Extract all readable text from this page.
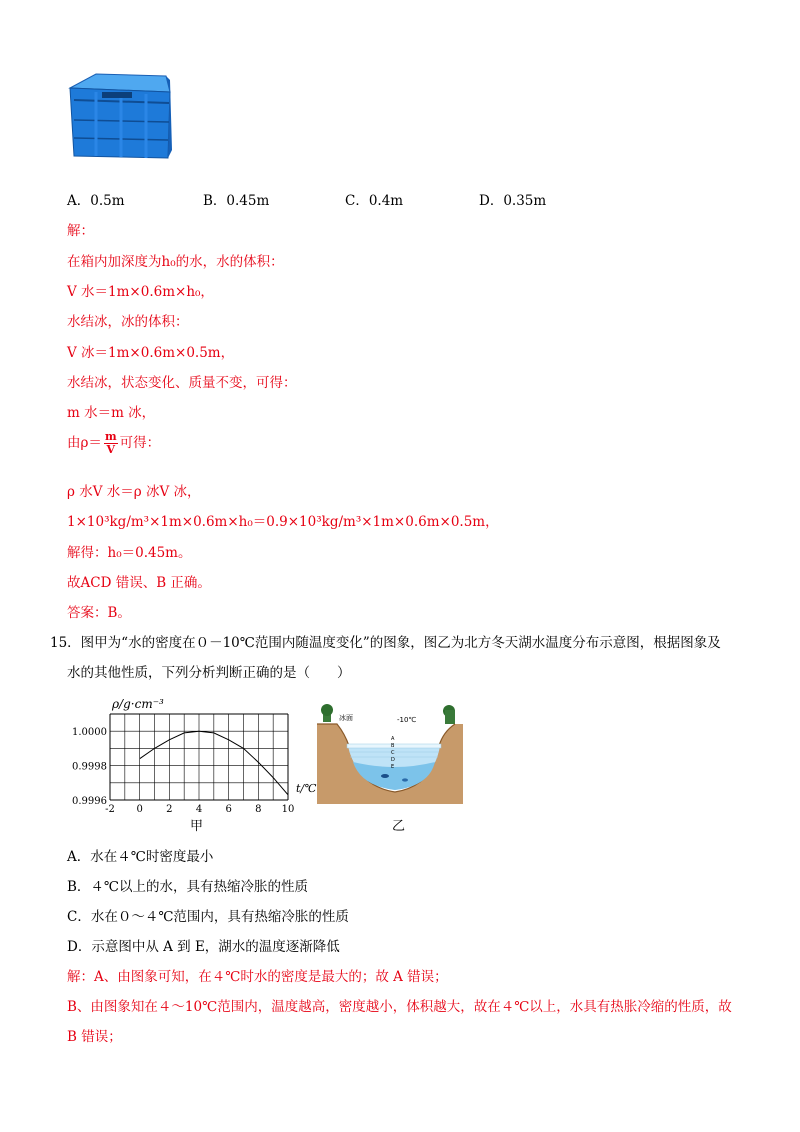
A．0.5m	B．0.45m	C．0.4m	D．0.35m
解：
在箱内加深度为h₀的水，水的体积：
V 水＝1m×0.6m×h₀，
水结冰，冰的体积：
V 冰＝1m×0.6m×0.5m，
水结冰，状态变化、质量不变，可得：
m 水＝m 冰，
由$\rho= \frac{m}{V}$ 可得：
ρ 水V 水＝ρ 冰V 冰，
1×10³kg/m³×1m×0.6m×h₀＝0.9×10³kg/m³×1m×0.6m×0.5m，
解得：h₀＝0.45m。
故ACD 错误、B 正确。
答案：B。
15．图甲为“水的密度在０－10℃范围内随温度变化”的图象，图乙为北方冬天湖水温度分布示意图，根据图象及
水的其他性质，下列分析判断正确的是（　　）
-2 0 2 4 6 8 10
1.0000
0.9998
0.9996
ρ/g·cm⁻³
t/℃
甲
冰面	-10℃
A
B
C
D
E
乙
A．水在４℃时密度最小
B．４℃以上的水，具有热缩冷胀的性质
C．水在０～４℃范围内，具有热缩冷胀的性质
D．示意图中从 A 到 E，湖水的温度逐渐降低
解：A、由图象可知，在４℃时水的密度是最大的；故 A 错误；
B、由图象知在４～10℃范围内，温度越高，密度越小，体积越大，故在４℃以上，水具有热胀冷缩的性质，故
B 错误；
